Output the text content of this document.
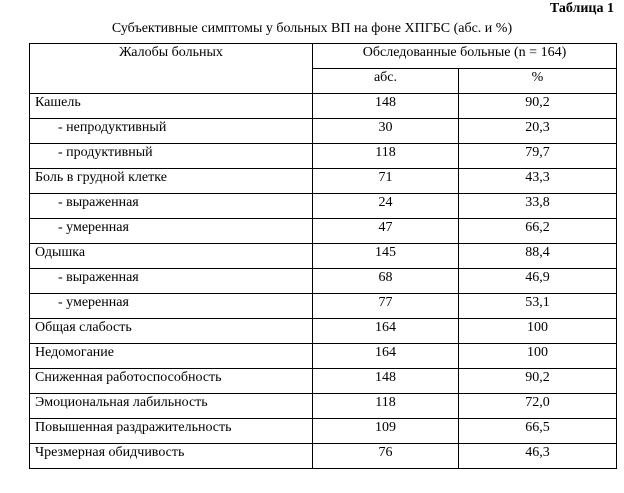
Таблица 1
Субъективные симптомы у больных ВП на фоне ХПГБС (абс. и %)
Жалобы больных	Обследованные больные (n = 164)	
	абс.	%
Кашель	148	90,2
- непродуктивный	30	20,3
- продуктивный	118	79,7
Боль в грудной клетке	71	43,3
- выраженная	24	33,8
- умеренная	47	66,2
Одышка	145	88,4
- выраженная	68	46,9
- умеренная	77	53,1
Общая слабость	164	100
Недомогание	164	100
Сниженная работоспособность	148	90,2
Эмоциональная лабильность	118	72,0
Повышенная раздражительность	109	66,5
Чрезмерная обидчивость	76	46,3
